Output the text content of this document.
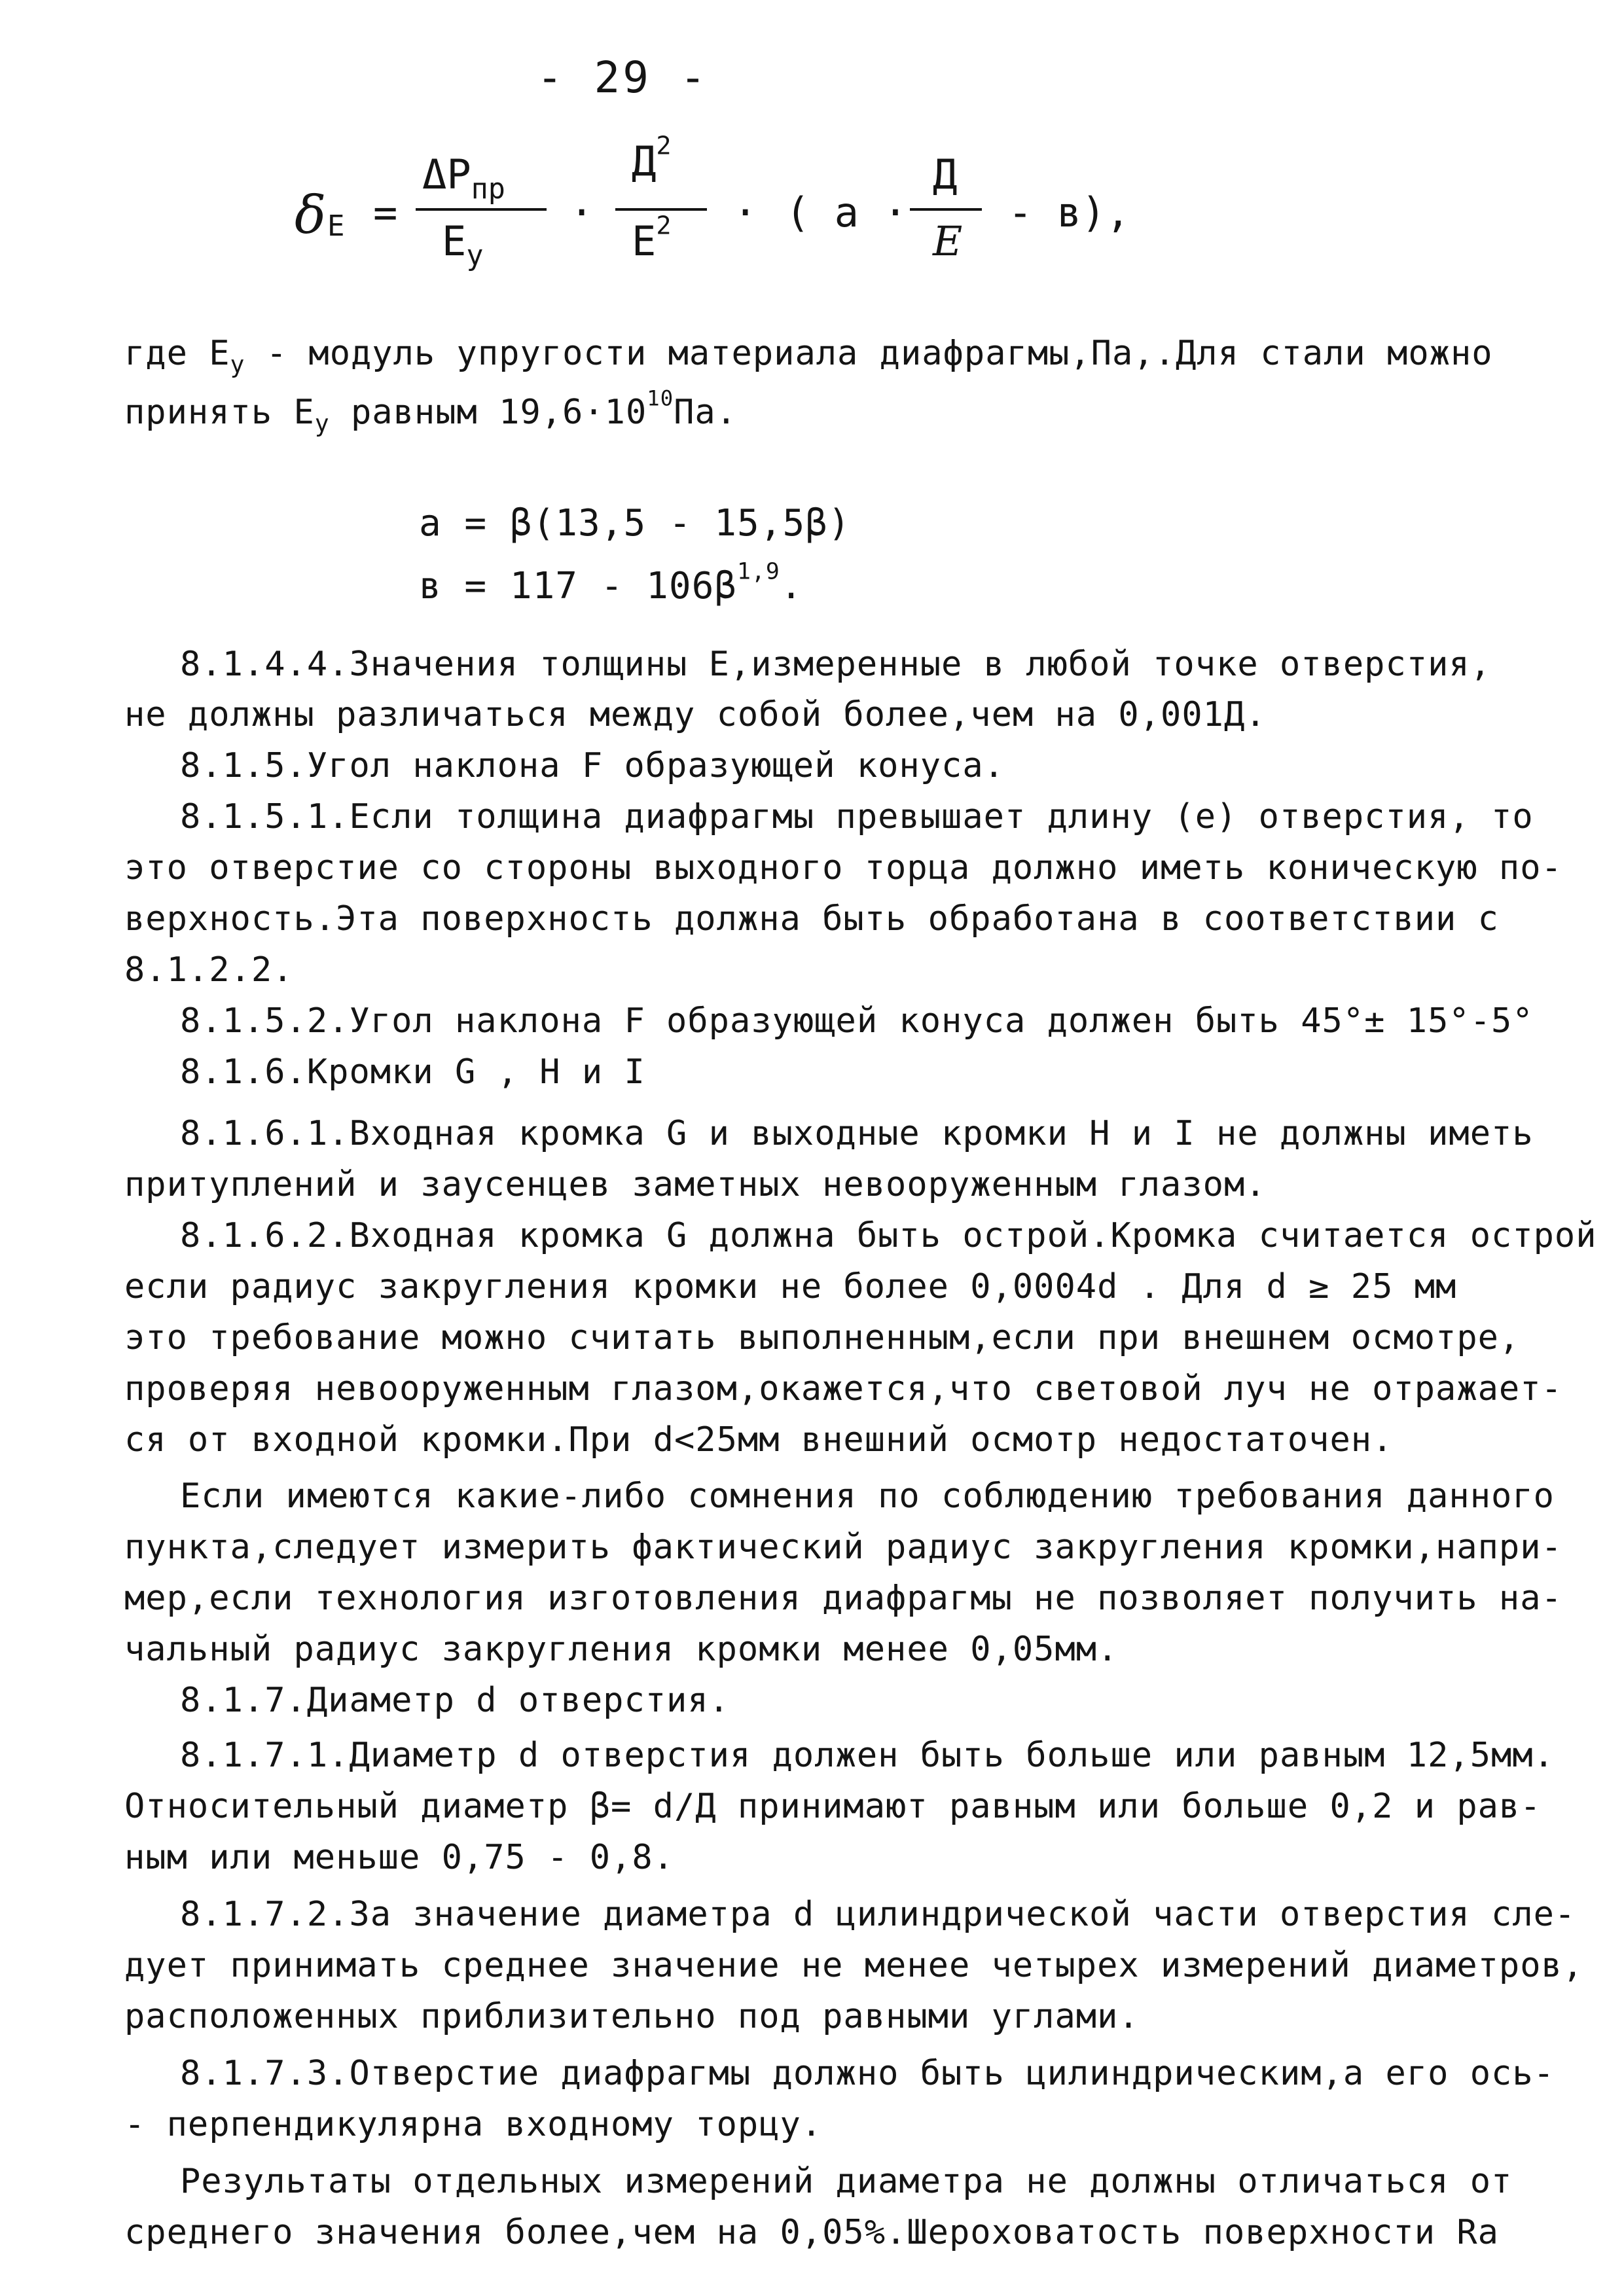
- 29 -
δ E =
$\Delta P_{пр}$
$E_y$
·
$Д^2$
$E^2$ · ( a ·
Д
E
- в),
где $E_y$ - модуль упругости материала диафрагмы,Па,.Для стали можно
принять $E_y$ равным $19,6\cdot 10^{10}Па$.
a = β(13,5 - 15,5β)
$в = 117 - 106\beta^{1,9}$.
8.1.4.4.Значения толщины E,измеренные в любой точке отверстия,
не должны различаться между собой более,чем на 0,001Д.
8.1.5.Угол наклона F образующей конуса.
8.1.5.1.Если толщина диафрагмы превышает длину (e) отверстия, то
это отверстие со стороны выходного торца должно иметь коническую по-
верхность.Эта поверхность должна быть обработана в соответствии с
8.1.2.2.
8.1.5.2.Угол наклона F образующей конуса должен быть 45°± 15°-5°
8.1.6.Кромки G , H и I
8.1.6.1.Входная кромка G и выходные кромки H и I не должны иметь
притуплений и заусенцев заметных невооруженным глазом.
8.1.6.2.Входная кромка G должна быть острой.Кромка считается острой
если радиус закругления кромки не более 0,0004d . Для d ≥ 25 мм
это требование можно считать выполненным,если при внешнем осмотре,
проверяя невооруженным глазом,окажется,что световой луч не отражает-
ся от входной кромки.При d<25мм внешний осмотр недостаточен.
Если имеются какие-либо сомнения по соблюдению требования данного
пункта,следует измерить фактический радиус закругления кромки,напри-
мер,если технология изготовления диафрагмы не позволяет получить на-
чальный радиус закругления кромки менее 0,05мм.
8.1.7.Диаметр d отверстия.
8.1.7.1.Диаметр d отверстия должен быть больше или равным 12,5мм.
Относительный диаметр β= d/Д принимают равным или больше 0,2 и рав-
ным или меньше 0,75 - 0,8.
8.1.7.2.За значение диаметра d цилиндрической части отверстия сле-
дует принимать среднее значение не менее четырех измерений диаметров,
расположенных приблизительно под равными углами.
8.1.7.3.Отверстие диафрагмы должно быть цилиндрическим,а его ось-
- перпендикулярна входному торцу.
Результаты отдельных измерений диаметра не должны отличаться от
среднего значения более,чем на 0,05%.Шероховатость поверхности Ra
